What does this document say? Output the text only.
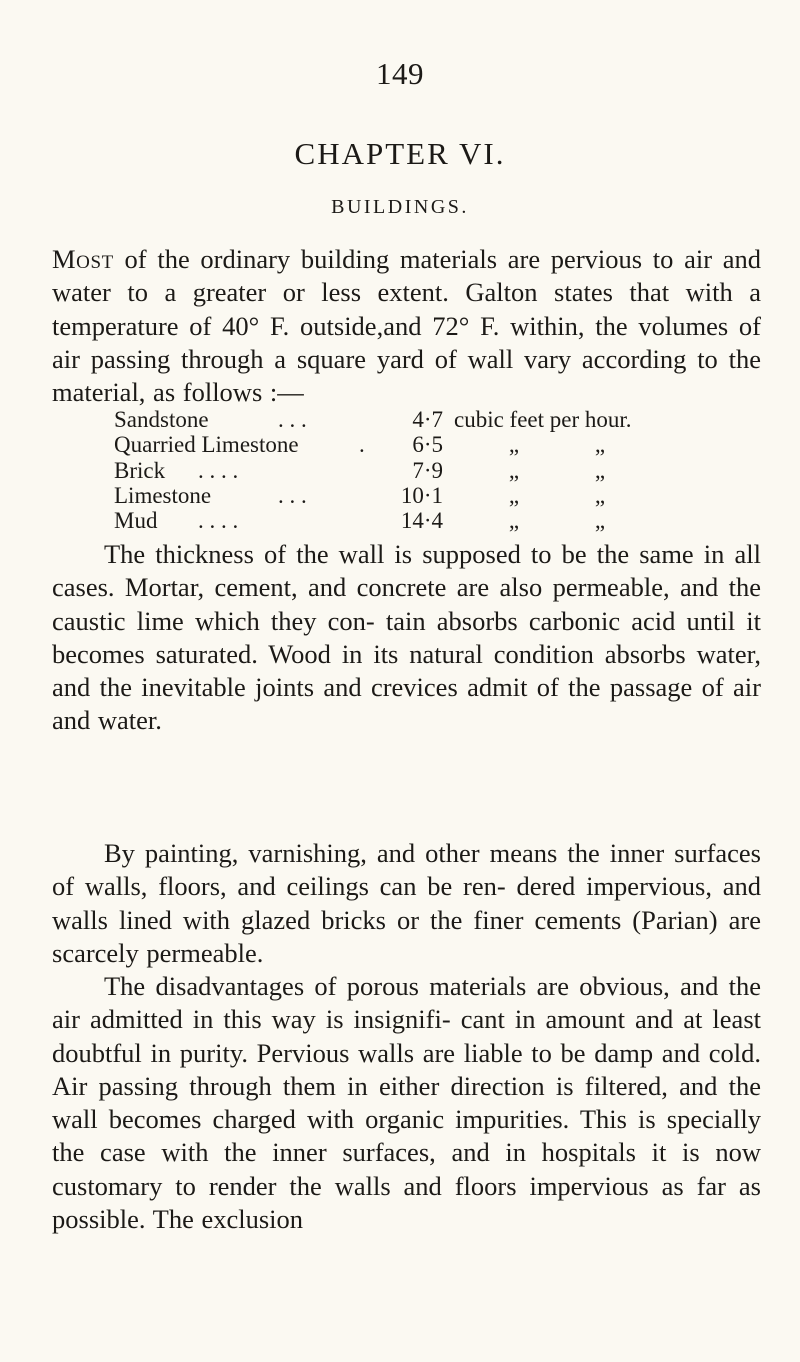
149
CHAPTER VI.
BUILDINGS.
Most of the ordinary building materials are pervious to air and water to a greater or less extent. Galton states that with a temperature of 40° F. outside,and 72° F. within, the volumes of air passing through a square yard of wall vary according to the material, as follows :—
Sandstone	. . .	4·7 cubic feet per hour.
Quarried Limestone	.	6·5	„	„
Brick . . . .	7·9	„	„
Limestone	. . .	10·1	„	„
Mud . . . .	14·4	„	„
The thickness of the wall is supposed to be the same in all cases. Mortar, cement, and concrete are also permeable, and the caustic lime which they con- tain absorbs carbonic acid until it becomes saturated. Wood in its natural condition absorbs water, and the inevitable joints and crevices admit of the passage of air and water.
By painting, varnishing, and other means the inner surfaces of walls, floors, and ceilings can be ren- dered impervious, and walls lined with glazed bricks or the finer cements (Parian) are scarcely permeable.
The disadvantages of porous materials are obvious, and the air admitted in this way is insignifi- cant in amount and at least doubtful in purity. Pervious walls are liable to be damp and cold. Air passing through them in either direction is filtered, and the wall becomes charged with organic impurities. This is specially the case with the inner surfaces, and in hospitals it is now customary to render the walls and floors impervious as far as possible. The exclusion
